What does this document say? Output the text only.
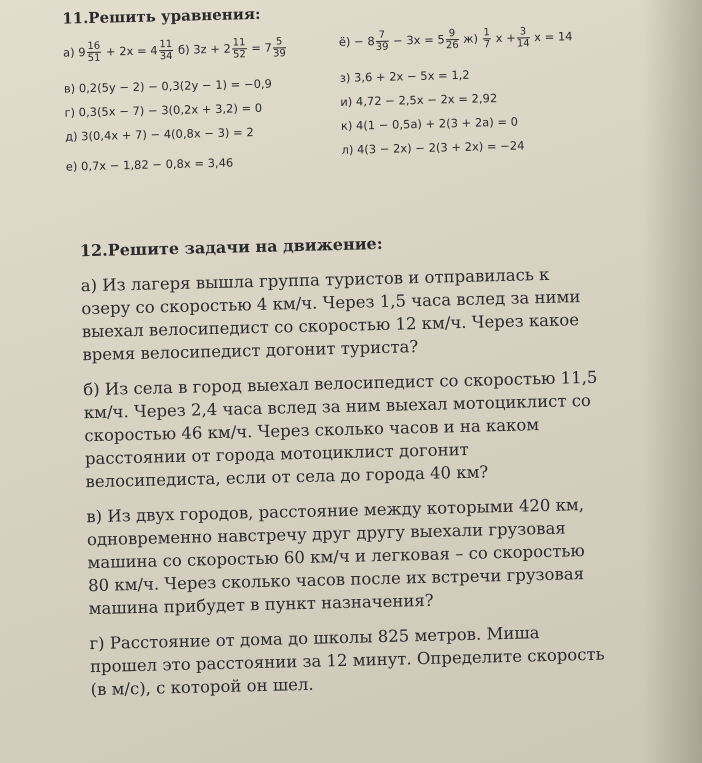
11.Решить уравнения:
а) $9 \frac{16}{51} + 2x = 4 \frac{11}{34} б$) $3z + 2 \frac{11}{52} = 7 \frac{5}{39}$	$ё) - 8 \frac{7}{39} - 3x = 5 \frac{9}{26} ж) \frac{1}{7}$ $x + \frac{3}{14}$ x = 14
в) 0,2(5y − 2) − 0,3(2y − 1) = −0,9
г) 0,3(5x − 7) − 3(0,2x + 3,2) = 0
д) 3(0,4x + 7) − 4(0,8x − 3) = 2
е) 0,7x − 1,82 − 0,8x = 3,46
з) 3,6 + 2x − 5x = 1,2
и) 4,72 − 2,5x − 2x = 2,92
к) 4(1 − 0,5a) + 2(3 + 2a) = 0
л) 4(3 − 2x) − 2(3 + 2x) = −24
12.Решите задачи на движение:
а) Из лагеря вышла группа туристов и отправилась к озеру со скоростью 4 км/ч. Через 1,5 часа вслед за ними выехал велосипедист со скоростью 12 км/ч. Через какое время велосипедист догонит туриста?
б) Из села в город выехал велосипедист со скоростью 11,5 км/ч. Через 2,4 часа вслед за ним выехал мотоциклист со скоростью 46 км/ч. Через сколько часов и на каком расстоянии от города мотоциклист догонит велосипедиста, если от села до города 40 км?
в) Из двух городов, расстояние между которыми 420 км, одновременно навстречу друг другу выехали грузовая машина со скоростью 60 км/ч и легковая – со скоростью 80 км/ч. Через сколько часов после их встречи грузовая машина прибудет в пункт назначения?
г) Расстояние от дома до школы 825 метров. Миша прошел это расстоянии за 12 минут. Определите скорость (в м/с), с которой он шел.
